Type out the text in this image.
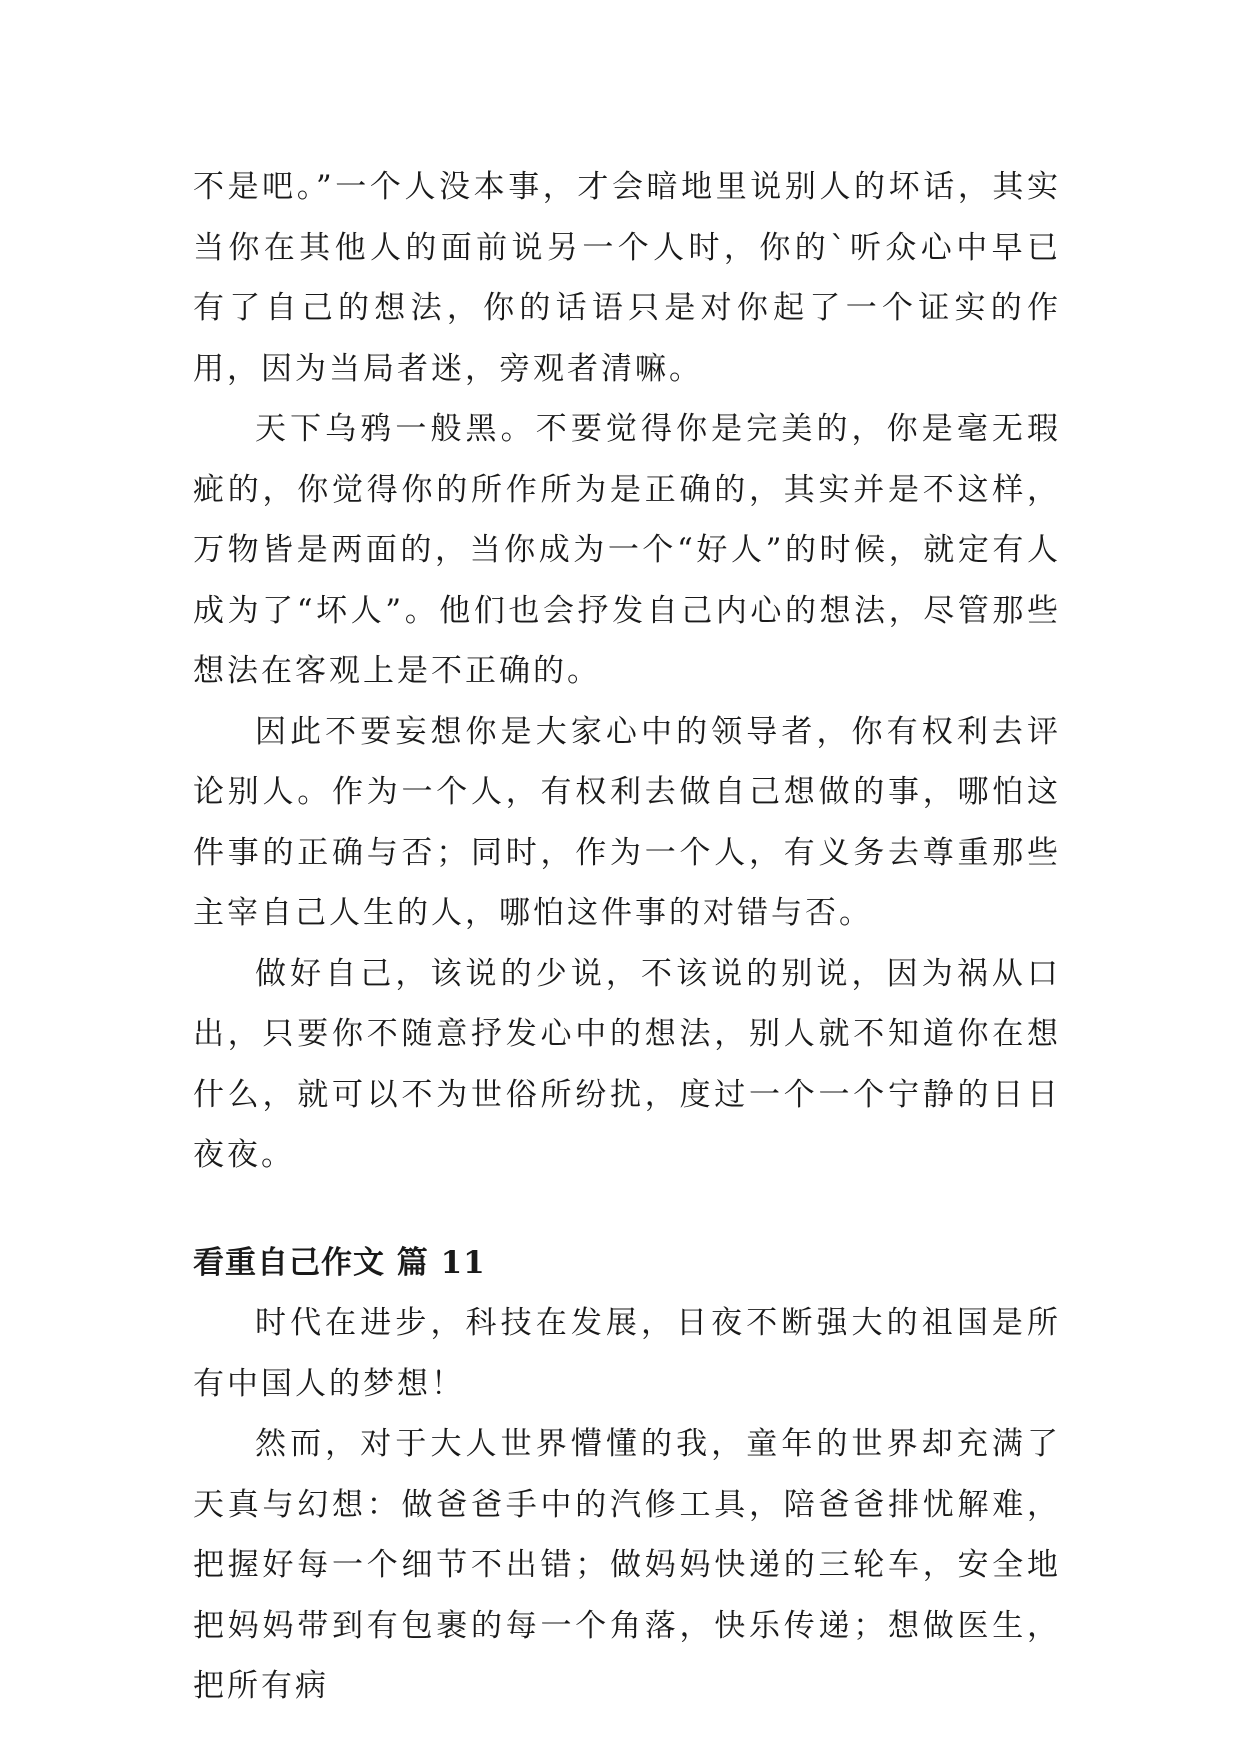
不是吧。”一个人没本事，才会暗地里说别人的坏话，其实当你在其他人的面前说另一个人时，你的`听众心中早已有了自己的想法，你的话语只是对你起了一个证实的作用，因为当局者迷，旁观者清嘛。

天下乌鸦一般黑。不要觉得你是完美的，你是毫无瑕疵的，你觉得你的所作所为是正确的，其实并是不这样，万物皆是两面的，当你成为一个“好人”的时候，就定有人成为了“坏人”。他们也会抒发自己内心的想法，尽管那些想法在客观上是不正确的。

因此不要妄想你是大家心中的领导者，你有权利去评论别人。作为一个人，有权利去做自己想做的事，哪怕这件事的正确与否；同时，作为一个人，有义务去尊重那些主宰自己人生的人，哪怕这件事的对错与否。

做好自己，该说的少说，不该说的别说，因为祸从口出，只要你不随意抒发心中的想法，别人就不知道你在想什么，就可以不为世俗所纷扰，度过一个一个宁静的日日夜夜。

看重自己作文 篇 11

时代在进步，科技在发展，日夜不断强大的祖国是所有中国人的梦想！

然而，对于大人世界懵懂的我，童年的世界却充满了天真与幻想：做爸爸手中的汽修工具，陪爸爸排忧解难，把握好每一个细节不出错；做妈妈快递的三轮车，安全地把妈妈带到有包裹的每一个角落，快乐传递；想做医生，把所有病
